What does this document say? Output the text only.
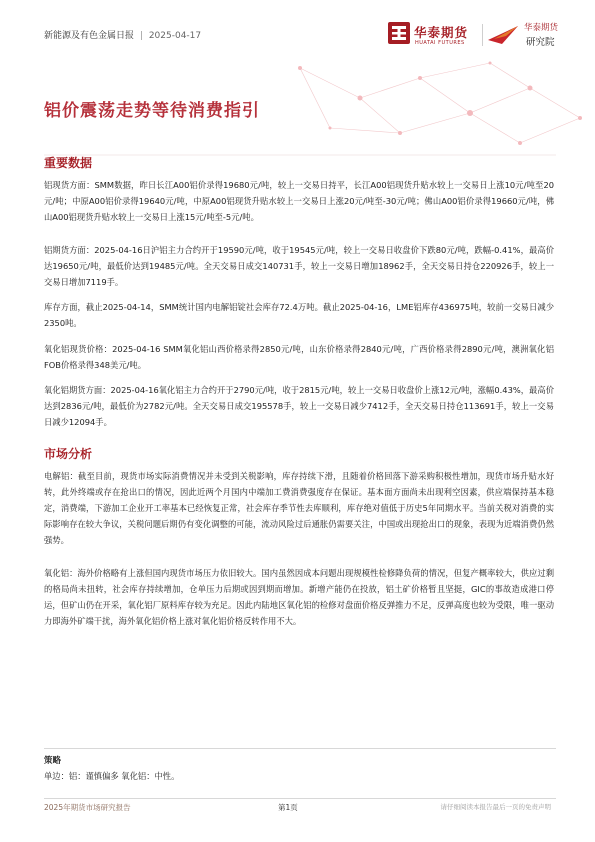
新能源及有色金属日报 | 2025-04-17	华泰期货
HUATAI FUTURES
华泰期货
研究院
铝价震荡走势等待消费指引
重要数据

铝现货方面：SMM数据，昨日长江A00铝价录得19680元/吨，较上一交易日持平，长江A00铝现货升贴水较上一交易日上涨10元/吨至20元/吨；中原A00铝价录得19640元/吨，中原A00铝现货升贴水较上一交易日上涨20元/吨至-30元/吨；佛山A00铝价录得19660元/吨，佛山A00铝现货升贴水较上一交易日上涨15元/吨至-5元/吨。

铝期货方面：2025-04-16日沪铝主力合约开于19590元/吨，收于19545元/吨，较上一交易日收盘价下跌80元/吨，跌幅-0.41%，最高价达19650元/吨，最低价达到19485元/吨。全天交易日成交140731手，较上一交易日增加18962手，全天交易日持仓220926手，较上一交易日增加7119手。

库存方面，截止2025-04-14，SMM统计国内电解铝锭社会库存72.4万吨。截止2025-04-16，LME铝库存436975吨，较前一交易日减少2350吨。

氧化铝现货价格：2025-04-16 SMM氧化铝山西价格录得2850元/吨，山东价格录得2840元/吨，广西价格录得2890元/吨，澳洲氧化铝FOB价格录得348美元/吨。

氧化铝期货方面：2025-04-16氧化铝主力合约开于2790元/吨，收于2815元/吨，较上一交易日收盘价上涨12元/吨，涨幅0.43%，最高价达到2836元/吨，最低价为2782元/吨。全天交易日成交195578手，较上一交易日减少7412手，全天交易日持仓113691手，较上一交易日减少12094手。

市场分析

电解铝：截至目前，现货市场实际消费情况并未受到关税影响，库存持续下滑，且随着价格回落下游采购积极性增加，现货市场升贴水好转，此外终端或存在抢出口的情况，因此近两个月国内中端加工费消费强度存在保证。基本面方面尚未出现利空因素，供应端保持基本稳定，消费端，下游加工企业开工率基本已经恢复正常，社会库存季节性去库顺利，库存绝对值低于历史5年同期水平。当前关税对消费的实际影响存在较大争议，关税问题后期仍有变化调整的可能，流动风险过后通胀仍需要关注，中国或出现抢出口的现象，表现为近端消费仍然强势。

氧化铝：海外价格略有上涨但国内现货市场压力依旧较大。国内虽然因成本问题出现规模性检修降负荷的情况，但复产概率较大，供应过剩的格局尚未扭转，社会库存持续增加，仓单压力后期或因到期而增加。新增产能仍在投放，铝土矿价格暂且坚挺，GIC的事故造成港口停运，但矿山仍在开采，氧化铝厂原料库存较为充足。因此内陆地区氧化铝的检修对盘面价格反弹推力不足，反弹高度也较为受限，唯一驱动力即海外矿端干扰，海外氧化铝价格上涨对氧化铝价格反转作用不大。

策略
单边：铝：谨慎偏多 氧化铝：中性。
2025年期货市场研究报告	第1页	请仔细阅读本报告最后一页的免责声明
